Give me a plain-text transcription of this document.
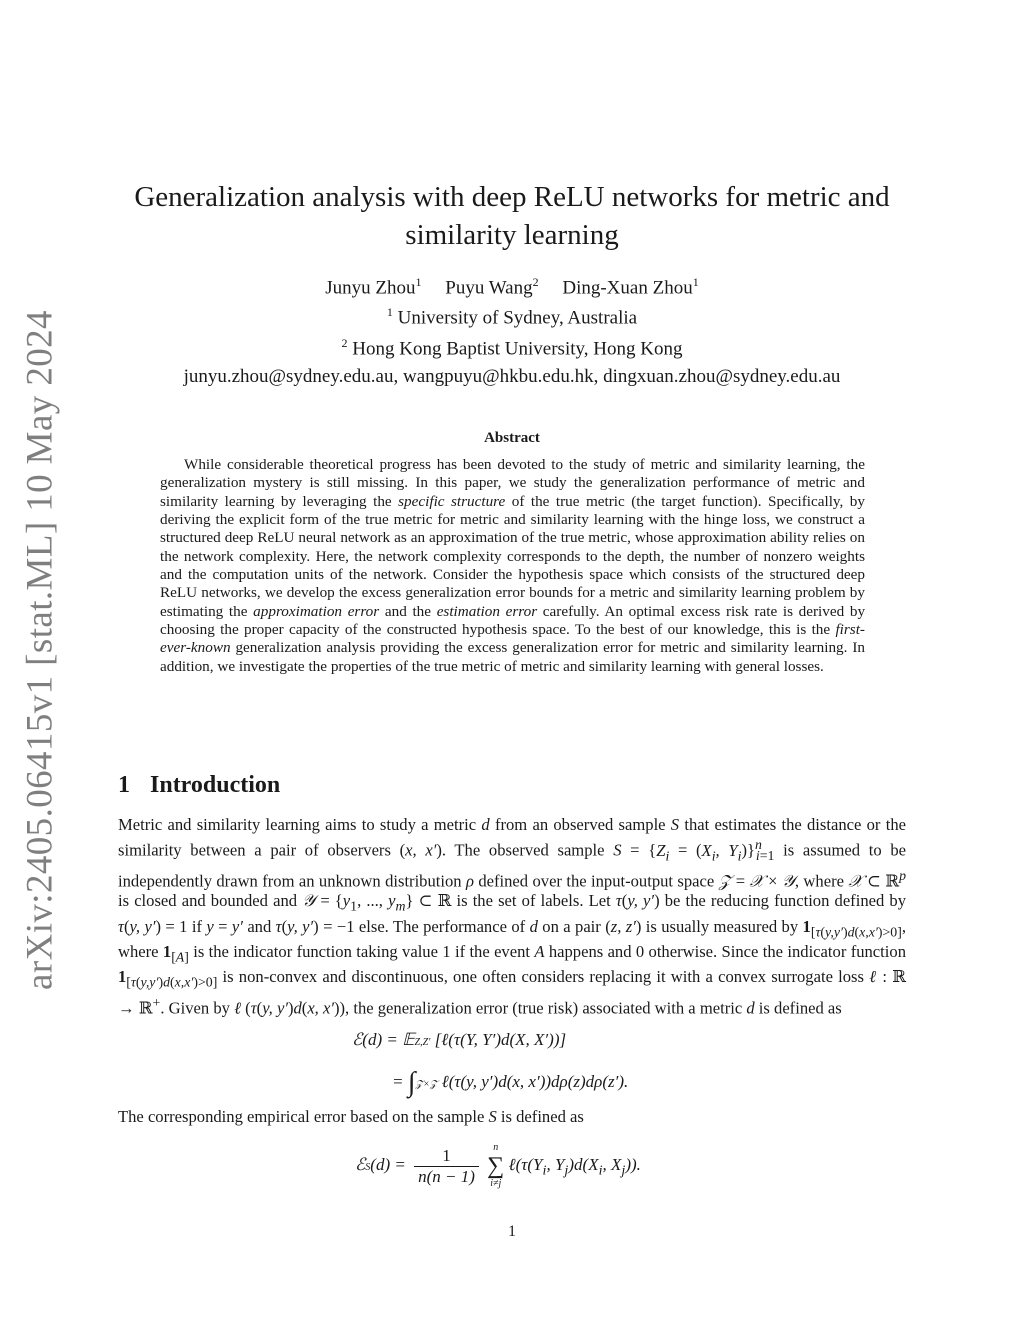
arXiv:2405.06415v1 [stat.ML] 10 May 2024
Generalization analysis with deep ReLU networks for metric and
similarity learning
Junyu Zhou$^1$ Puyu Wang$^2$ Ding-Xuan Zhou$^1$
$^1$ University of Sydney, Australia
$^2$ Hong Kong Baptist University, Hong Kong
junyu.zhou@sydney.edu.au, wangpuyu@hkbu.edu.hk, dingxuan.zhou@sydney.edu.au
Abstract

While considerable theoretical progress has been devoted to the study of metric and similarity learning, the generalization mystery is still missing. In this paper, we study the generalization performance of metric and similarity learning by leveraging the specific structure of the true metric (the target function). Specifically, by deriving the explicit form of the true metric for metric and similarity learning with the hinge loss, we construct a structured deep ReLU neural network as an approximation of the true metric, whose approximation ability relies on the network complexity. Here, the network complexity corresponds to the depth, the number of nonzero weights and the computation units of the network. Consider the hypothesis space which consists of the structured deep ReLU networks, we develop the excess generalization error bounds for a metric and similarity learning problem by estimating the approximation error and the estimation error carefully. An optimal excess risk rate is derived by choosing the proper capacity of the constructed hypothesis space. To the best of our knowledge, this is the first-ever-known generalization analysis providing the excess generalization error for metric and similarity learning. In addition, we investigate the properties of the true metric of metric and similarity learning with general losses.

1 Introduction

Metric and similarity learning aims to study a metric d from an observed sample S that estimates the distance or the similarity between a pair of observers (x, x′). The observed sample $S = \{Z_i = (X_i$, $Y_i)\}^n_{i=1}$ is assumed to be independently drawn from an unknown distribution ρ defined over the input-output space 𝒵 = 𝒳 × 𝒴, where 𝒳 ⊂ ℝ$^p$ is closed and bounded and 𝒴 = {$y_1$, ..., $y_m$} ⊂ ℝ is the set of labels. Let τ(y, y′) be the reducing function defined by τ(y, y′) = 1 if y = y′ and τ(y, y′) = −1 else. The performance of d on a pair (z, z′) is usually measured by $1_{[\tau(y,y')d(x,x')>0]}$, where $1_{[A]}$ is the indicator function taking value 1 if the event A happens and 0 otherwise. Since the indicator function $1_{[\tau(y,y')d(x,x')>0]}$ is non-convex and discontinuous, one often considers replacing it with a convex surrogate loss ℓ : ℝ → ℝ+. Given by ℓ (τ(y, y′)d(x, x′)), the generalization error (true risk) associated with a metric d is defined as

ℰ(d) = 𝔼Z,Z′ [ℓ(τ(Y, Y′)d(X, X′))]
= ∫𝒵×𝒵 ℓ(τ(y, y′)d(x, x′))dρ(z)dρ(z′).
The corresponding empirical error based on the sample S is defined as
ℰS(d) = $\frac{1}{n(n - 1)}$
	n
∑
i≠j
$\ell(\tau(Y_i$, $Y_j)d(X_i$, $X_j$)).
1
